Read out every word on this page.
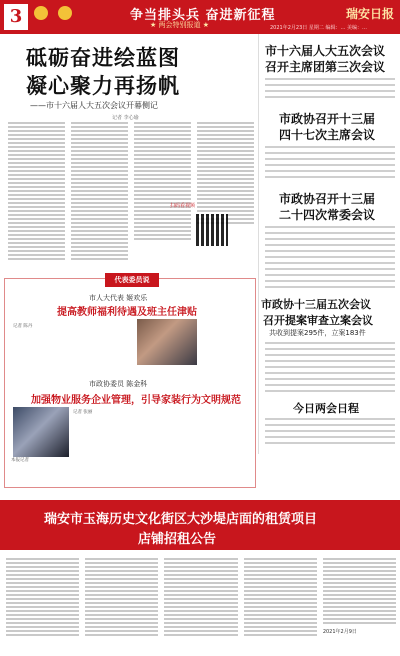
3	争当排头兵 奋进新征程
★ 两会特别报道 ★	2021年2月23日 星期二 编辑：… 美编：…
瑞安日报
砥砺奋进绘蓝图
凝心聚力再扬帆
——市十六届人大五次会议开幕侧记
记者 李心瑜
扫码看视频
市十六届人大五次会议
召开主席团第三次会议
市政协召开十三届
四十七次主席会议
市政协召开十三届
二十四次常委会议
市政协十三届五次会议
召开提案审查立案会议
共收到提案295件，立案183件
今日两会日程
代表委员说
市人大代表 姬欢乐
提高教师福利待遇及班主任津贴
记者 陈丹
市政协委员 陈金科
加强物业服务企业管理，引导家装行为文明规范
记者 张丽
本报记者
瑞安市玉海历史文化街区大沙堤店面的租赁项目
店铺招租公告
2021年2月9日
